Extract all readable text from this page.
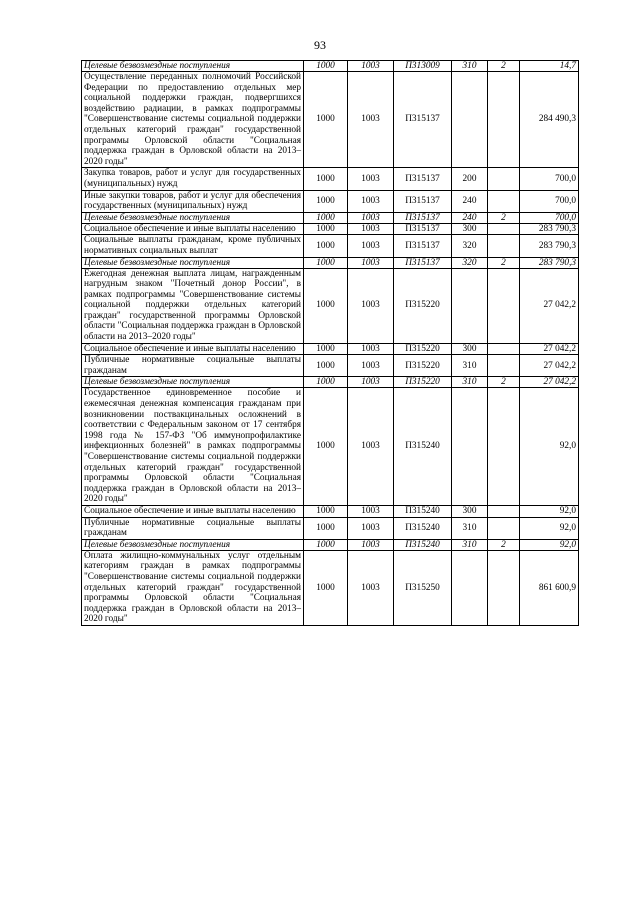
93
Целевые безвозмездные поступления	1000	1003	П313009	310	2	14,7
Осуществление переданных полномочий Российской Федерации по предоставлению отдельных мер социальной поддержки граждан, подвергшихся воздействию радиации, в рамках подпрограммы "Совершенствование системы социальной поддержки отдельных категорий граждан" государственной программы Орловской области "Социальная поддержка граждан в Орловской области на 2013–2020 годы"	1000	1003	П315137			284 490,3
Закупка товаров, работ и услуг для государственных (муниципальных) нужд	1000	1003	П315137	200		700,0
Иные закупки товаров, работ и услуг для обеспечения государственных (муниципальных) нужд	1000	1003	П315137	240		700,0
Целевые безвозмездные поступления	1000	1003	П315137	240	2	700,0
Социальное обеспечение и иные выплаты населению	1000	1003	П315137	300		283 790,3
Социальные выплаты гражданам, кроме публичных нормативных социальных выплат	1000	1003	П315137	320		283 790,3
Целевые безвозмездные поступления	1000	1003	П315137	320	2	283 790,3
Ежегодная денежная выплата лицам, награжденным нагрудным знаком "Почетный донор России", в рамках подпрограммы "Совершенствование системы социальной поддержки отдельных категорий граждан" государственной программы Орловской области "Социальная поддержка граждан в Орловской области на 2013–2020 годы"	1000	1003	П315220			27 042,2
Социальное обеспечение и иные выплаты населению	1000	1003	П315220	300		27 042,2
Публичные нормативные социальные выплаты гражданам	1000	1003	П315220	310		27 042,2
Целевые безвозмездные поступления	1000	1003	П315220	310	2	27 042,2
Государственное единовременное пособие и ежемесячная денежная компенсация гражданам при возникновении поствакцинальных осложнений в соответствии с Федеральным законом от 17 сентября 1998 года № 157-ФЗ "Об иммунопрофилактике инфекционных болезней" в рамках подпрограммы "Совершенствование системы социальной поддержки отдельных категорий граждан" государственной программы Орловской области "Социальная поддержка граждан в Орловской области на 2013–2020 годы"	1000	1003	П315240			92,0
Социальное обеспечение и иные выплаты населению	1000	1003	П315240	300		92,0
Публичные нормативные социальные выплаты гражданам	1000	1003	П315240	310		92,0
Целевые безвозмездные поступления	1000	1003	П315240	310	2	92,0
Оплата жилищно-коммунальных услуг отдельным категориям граждан в рамках подпрограммы "Совершенствование системы социальной поддержки отдельных категорий граждан" государственной программы Орловской области "Социальная поддержка граждан в Орловской области на 2013–2020 годы"	1000	1003	П315250			861 600,9
